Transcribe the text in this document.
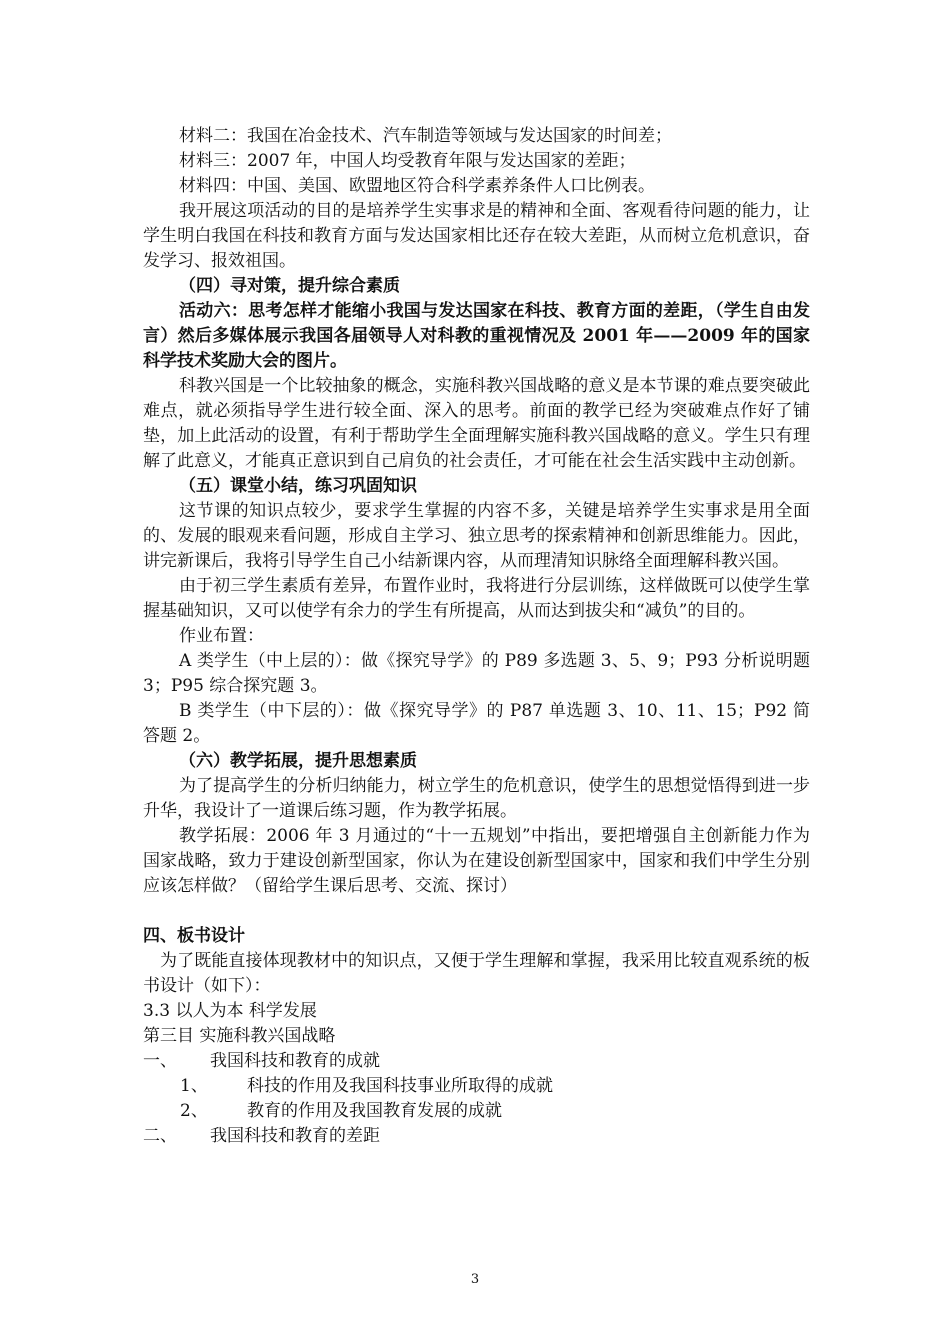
材料二：我国在冶金技术、汽车制造等领域与发达国家的时间差；

材料三：2007 年，中国人均受教育年限与发达国家的差距；

材料四：中国、美国、欧盟地区符合科学素养条件人口比例表。

我开展这项活动的目的是培养学生实事求是的精神和全面、客观看待问题的能力，让学生明白我国在科技和教育方面与发达国家相比还存在较大差距，从而树立危机意识，奋发学习、报效祖国。

（四）寻对策，提升综合素质

活动六：思考怎样才能缩小我国与发达国家在科技、教育方面的差距，（学生自由发言）然后多媒体展示我国各届领导人对科教的重视情况及 2001 年——2009 年的国家科学技术奖励大会的图片。

科教兴国是一个比较抽象的概念，实施科教兴国战略的意义是本节课的难点要突破此难点，就必须指导学生进行较全面、深入的思考。前面的教学已经为突破难点作好了铺垫，加上此活动的设置，有利于帮助学生全面理解实施科教兴国战略的意义。学生只有理解了此意义，才能真正意识到自己肩负的社会责任，才可能在社会生活实践中主动创新。

（五）课堂小结，练习巩固知识

这节课的知识点较少，要求学生掌握的内容不多，关键是培养学生实事求是用全面的、发展的眼观来看问题，形成自主学习、独立思考的探索精神和创新思维能力。因此，讲完新课后，我将引导学生自己小结新课内容，从而理清知识脉络全面理解科教兴国。

由于初三学生素质有差异，布置作业时，我将进行分层训练，这样做既可以使学生掌握基础知识，又可以使学有余力的学生有所提高，从而达到拔尖和“减负”的目的。

作业布置：

A 类学生（中上层的）：做《探究导学》的 P89 多选题 3、5、9；P93 分析说明题 3；P95 综合探究题 3。

B 类学生（中下层的）：做《探究导学》的 P87 单选题 3、10、11、15；P92 简答题 2。

（六）教学拓展，提升思想素质

为了提高学生的分析归纳能力，树立学生的危机意识，使学生的思想觉悟得到进一步升华，我设计了一道课后练习题，作为教学拓展。

教学拓展：2006 年 3 月通过的“十一五规划”中指出，要把增强自主创新能力作为国家战略，致力于建设创新型国家，你认为在建设创新型国家中，国家和我们中学生分别应该怎样做？（留给学生课后思考、交流、探讨）

四、板书设计

为了既能直接体现教材中的知识点，又便于学生理解和掌握，我采用比较直观系统的板书设计（如下）：

3.3 以人为本 科学发展

第三目 实施科教兴国战略

一、	我国科技和教育的成就
1、	科技的作用及我国科技事业所取得的成就
2、	教育的作用及我国教育发展的成就
二、	我国科技和教育的差距
3
